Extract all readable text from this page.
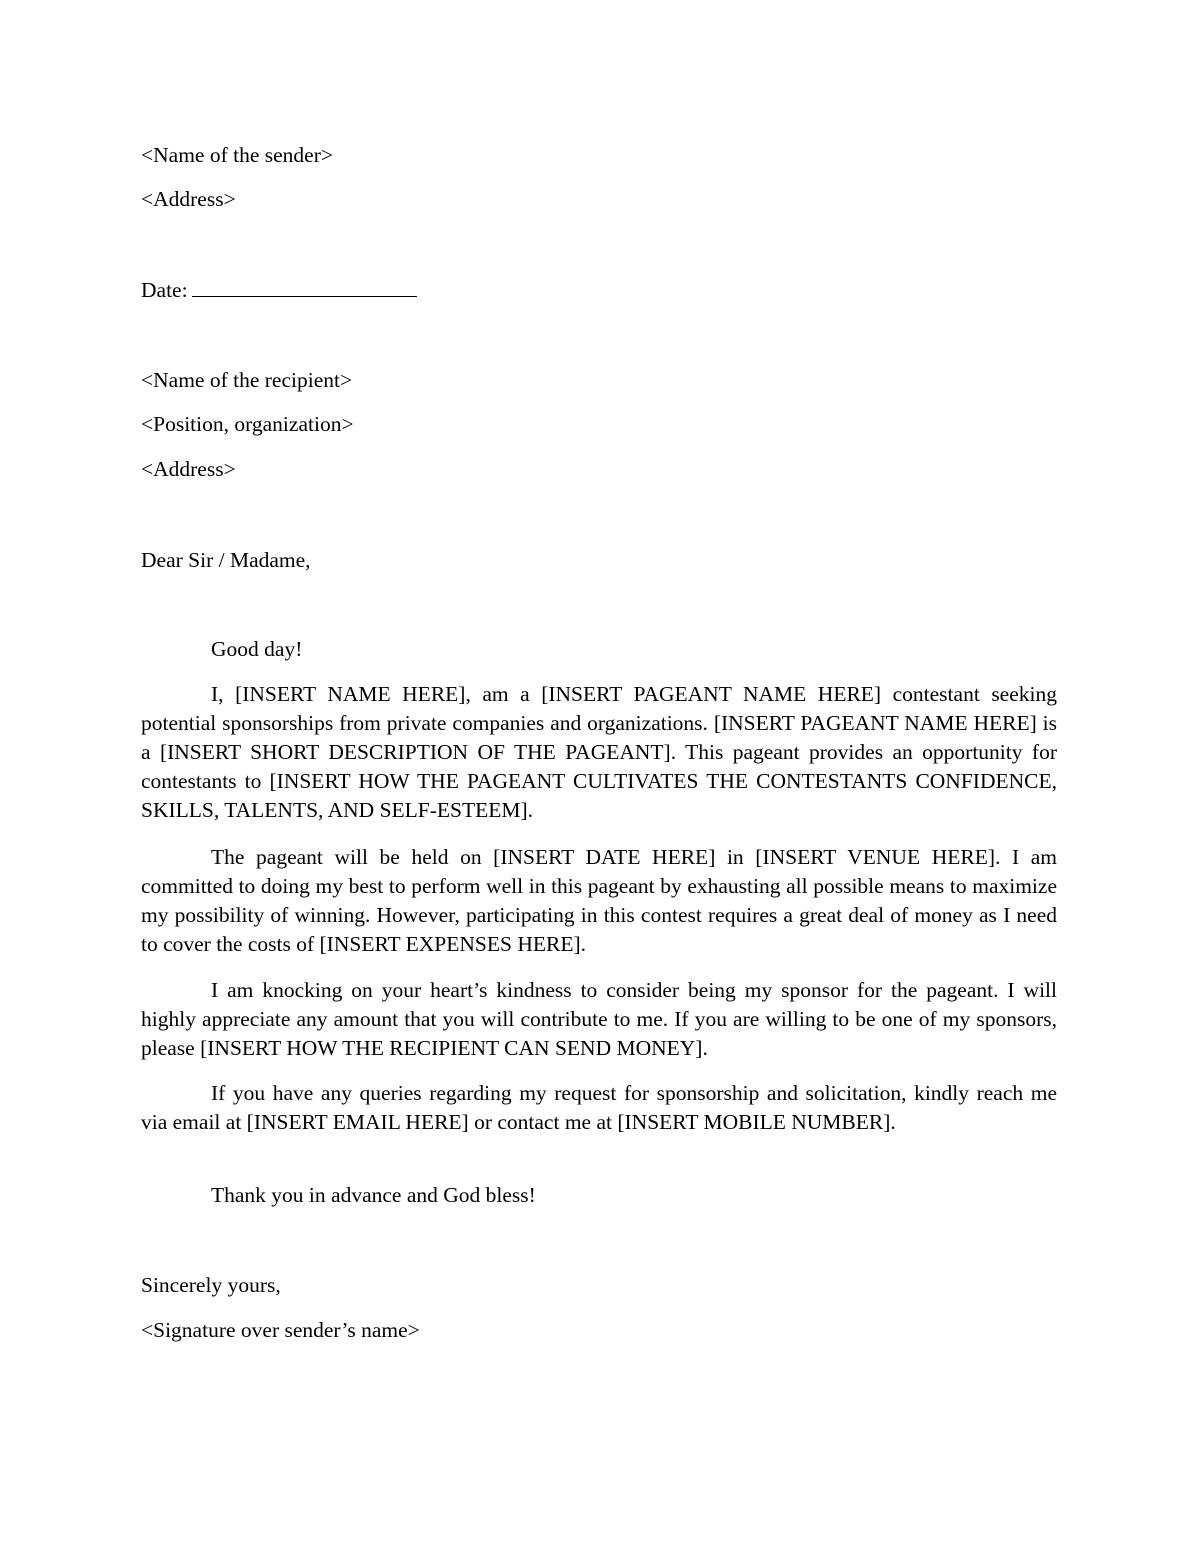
<Name of the sender>
<Address>
Date:
<Name of the recipient>
<Position, organization>
<Address>
Dear Sir / Madame,
Good day!

I, [INSERT NAME HERE], am a [INSERT PAGEANT NAME HERE] contestant seeking potential sponsorships from private companies and organizations. [INSERT PAGEANT NAME HERE] is a [INSERT SHORT DESCRIPTION OF THE PAGEANT]. This pageant provides an opportunity for contestants to [INSERT HOW THE PAGEANT CULTIVATES THE CONTESTANTS CONFIDENCE, SKILLS, TALENTS, AND SELF-ESTEEM].

The pageant will be held on [INSERT DATE HERE] in [INSERT VENUE HERE]. I am committed to doing my best to perform well in this pageant by exhausting all possible means to maximize my possibility of winning. However, participating in this contest requires a great deal of money as I need to cover the costs of [INSERT EXPENSES HERE].

I am knocking on your heart’s kindness to consider being my sponsor for the pageant. I will highly appreciate any amount that you will contribute to me. If you are willing to be one of my sponsors, please [INSERT HOW THE RECIPIENT CAN SEND MONEY].

If you have any queries regarding my request for sponsorship and solicitation, kindly reach me via email at [INSERT EMAIL HERE] or contact me at [INSERT MOBILE NUMBER].

Thank you in advance and God bless!
Sincerely yours,
<Signature over sender’s name>
